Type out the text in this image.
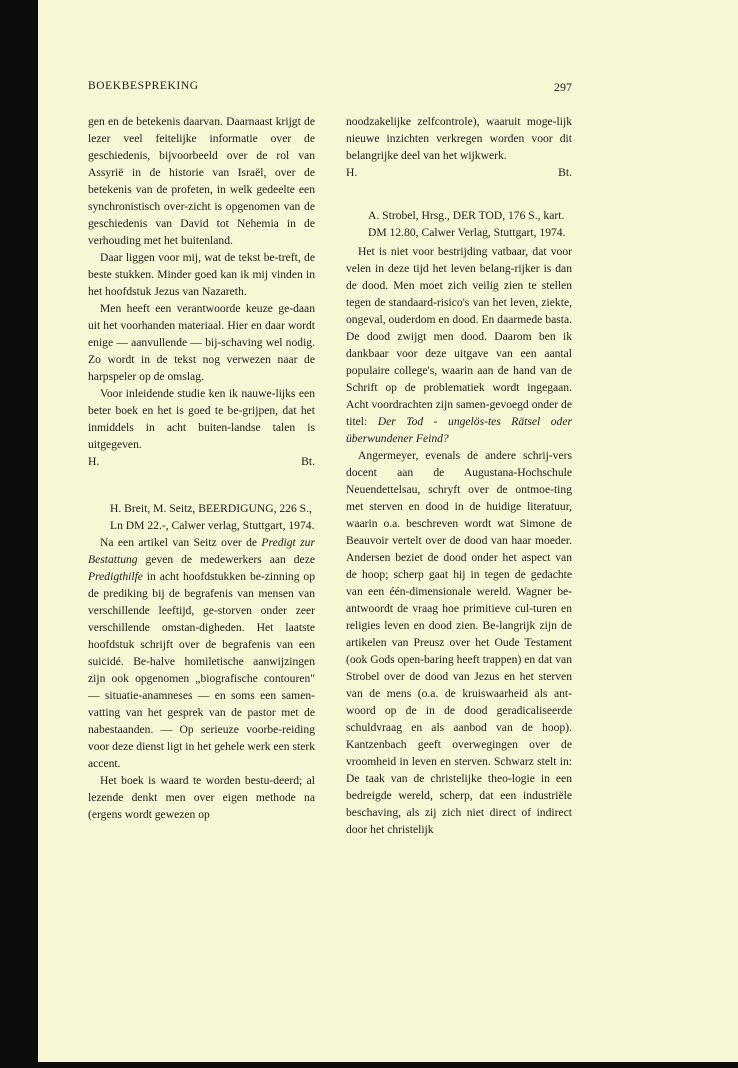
BOEKBESPREKING	297

gen en de betekenis daarvan. Daarnaast krijgt de lezer veel feitelijke informatie over de geschiedenis, bijvoorbeeld over de rol van Assyrië in de historie van Israël, over de betekenis van de profeten, in welk gedeelte een synchronistisch over-zicht is opgenomen van de geschiedenis van David tot Nehemia in de verhouding met het buitenland.

Daar liggen voor mij, wat de tekst be-treft, de beste stukken. Minder goed kan ik mij vinden in het hoofdstuk Jezus van Nazareth.

Men heeft een verantwoorde keuze ge-daan uit het voorhanden materiaal. Hier en daar wordt enige — aanvullende — bij-schaving wel nodig. Zo wordt in de tekst nog verwezen naar de harpspeler op de omslag.

Voor inleidende studie ken ik nauwe-lijks een beter boek en het is goed te be-grijpen, dat het inmiddels in acht buiten-landse talen is uitgegeven.

H.	Bt.

H. Breit, M. Seitz, BEERDIGUNG, 226 S., Ln DM 22.-, Calwer verlag, Stuttgart, 1974.

Na een artikel van Seitz over de Predigt zur Bestattung geven de medewerkers aan deze Predigthilfe in acht hoofdstukken be-zinning op de prediking bij de begrafenis van mensen van verschillende leeftijd, ge-storven onder zeer verschillende omstan-digheden. Het laatste hoofdstuk schrijft over de begrafenis van een suicidé. Be-halve homiletische aanwijzingen zijn ook opgenomen „biografische contouren" — situatie-anamneses — en soms een samen-vatting van het gesprek van de pastor met de nabestaanden. — Op serieuze voorbe-reiding voor deze dienst ligt in het gehele werk een sterk accent.

Het boek is waard te worden bestu-deerd; al lezende denkt men over eigen methode na (ergens wordt gewezen op

noodzakelijke zelfcontrole), waaruit moge-lijk nieuwe inzichten verkregen worden voor dit belangrijke deel van het wijkwerk.

H.	Bt.

A. Strobel, Hrsg., DER TOD, 176 S., kart. DM 12.80, Calwer Verlag, Stuttgart, 1974.

Het is niet voor bestrijding vatbaar, dat voor velen in deze tijd het leven belang-rijker is dan de dood. Men moet zich veilig zien te stellen tegen de standaard-risico's van het leven, ziekte, ongeval, ouderdom en dood. En daarmede basta. De dood zwijgt men dood. Daarom ben ik dankbaar voor deze uitgave van een aantal populaire college's, waarin aan de hand van de Schrift op de problematiek wordt ingegaan. Acht voordrachten zijn samen-gevoegd onder de titel: Der Tod - ungelös-tes Rätsel oder überwundener Feind?

Angermeyer, evenals de andere schrij-vers docent aan de Augustana-Hochschule Neuendettelsau, schryft over de ontmoe-ting met sterven en dood in de huidige literatuur, waarin o.a. beschreven wordt wat Simone de Beauvoir vertelt over de dood van haar moeder. Andersen beziet de dood onder het aspect van de hoop; scherp gaat hij in tegen de gedachte van een één-dimensionale wereld. Wagner be-antwoordt de vraag hoe primitieve cul-turen en religies leven en dood zien. Be-langrijk zijn de artikelen van Preusz over het Oude Testament (ook Gods open-baring heeft trappen) en dat van Strobel over de dood van Jezus en het sterven van de mens (o.a. de kruiswaarheid als ant-woord op de in de dood geradicaliseerde schuldvraag en als aanbod van de hoop). Kantzenbach geeft overwegingen over de vroomheid in leven en sterven. Schwarz stelt in: De taak van de christelijke theo-logie in een bedreigde wereld, scherp, dat een industriële beschaving, als zij zich niet direct of indirect door het christelijk
